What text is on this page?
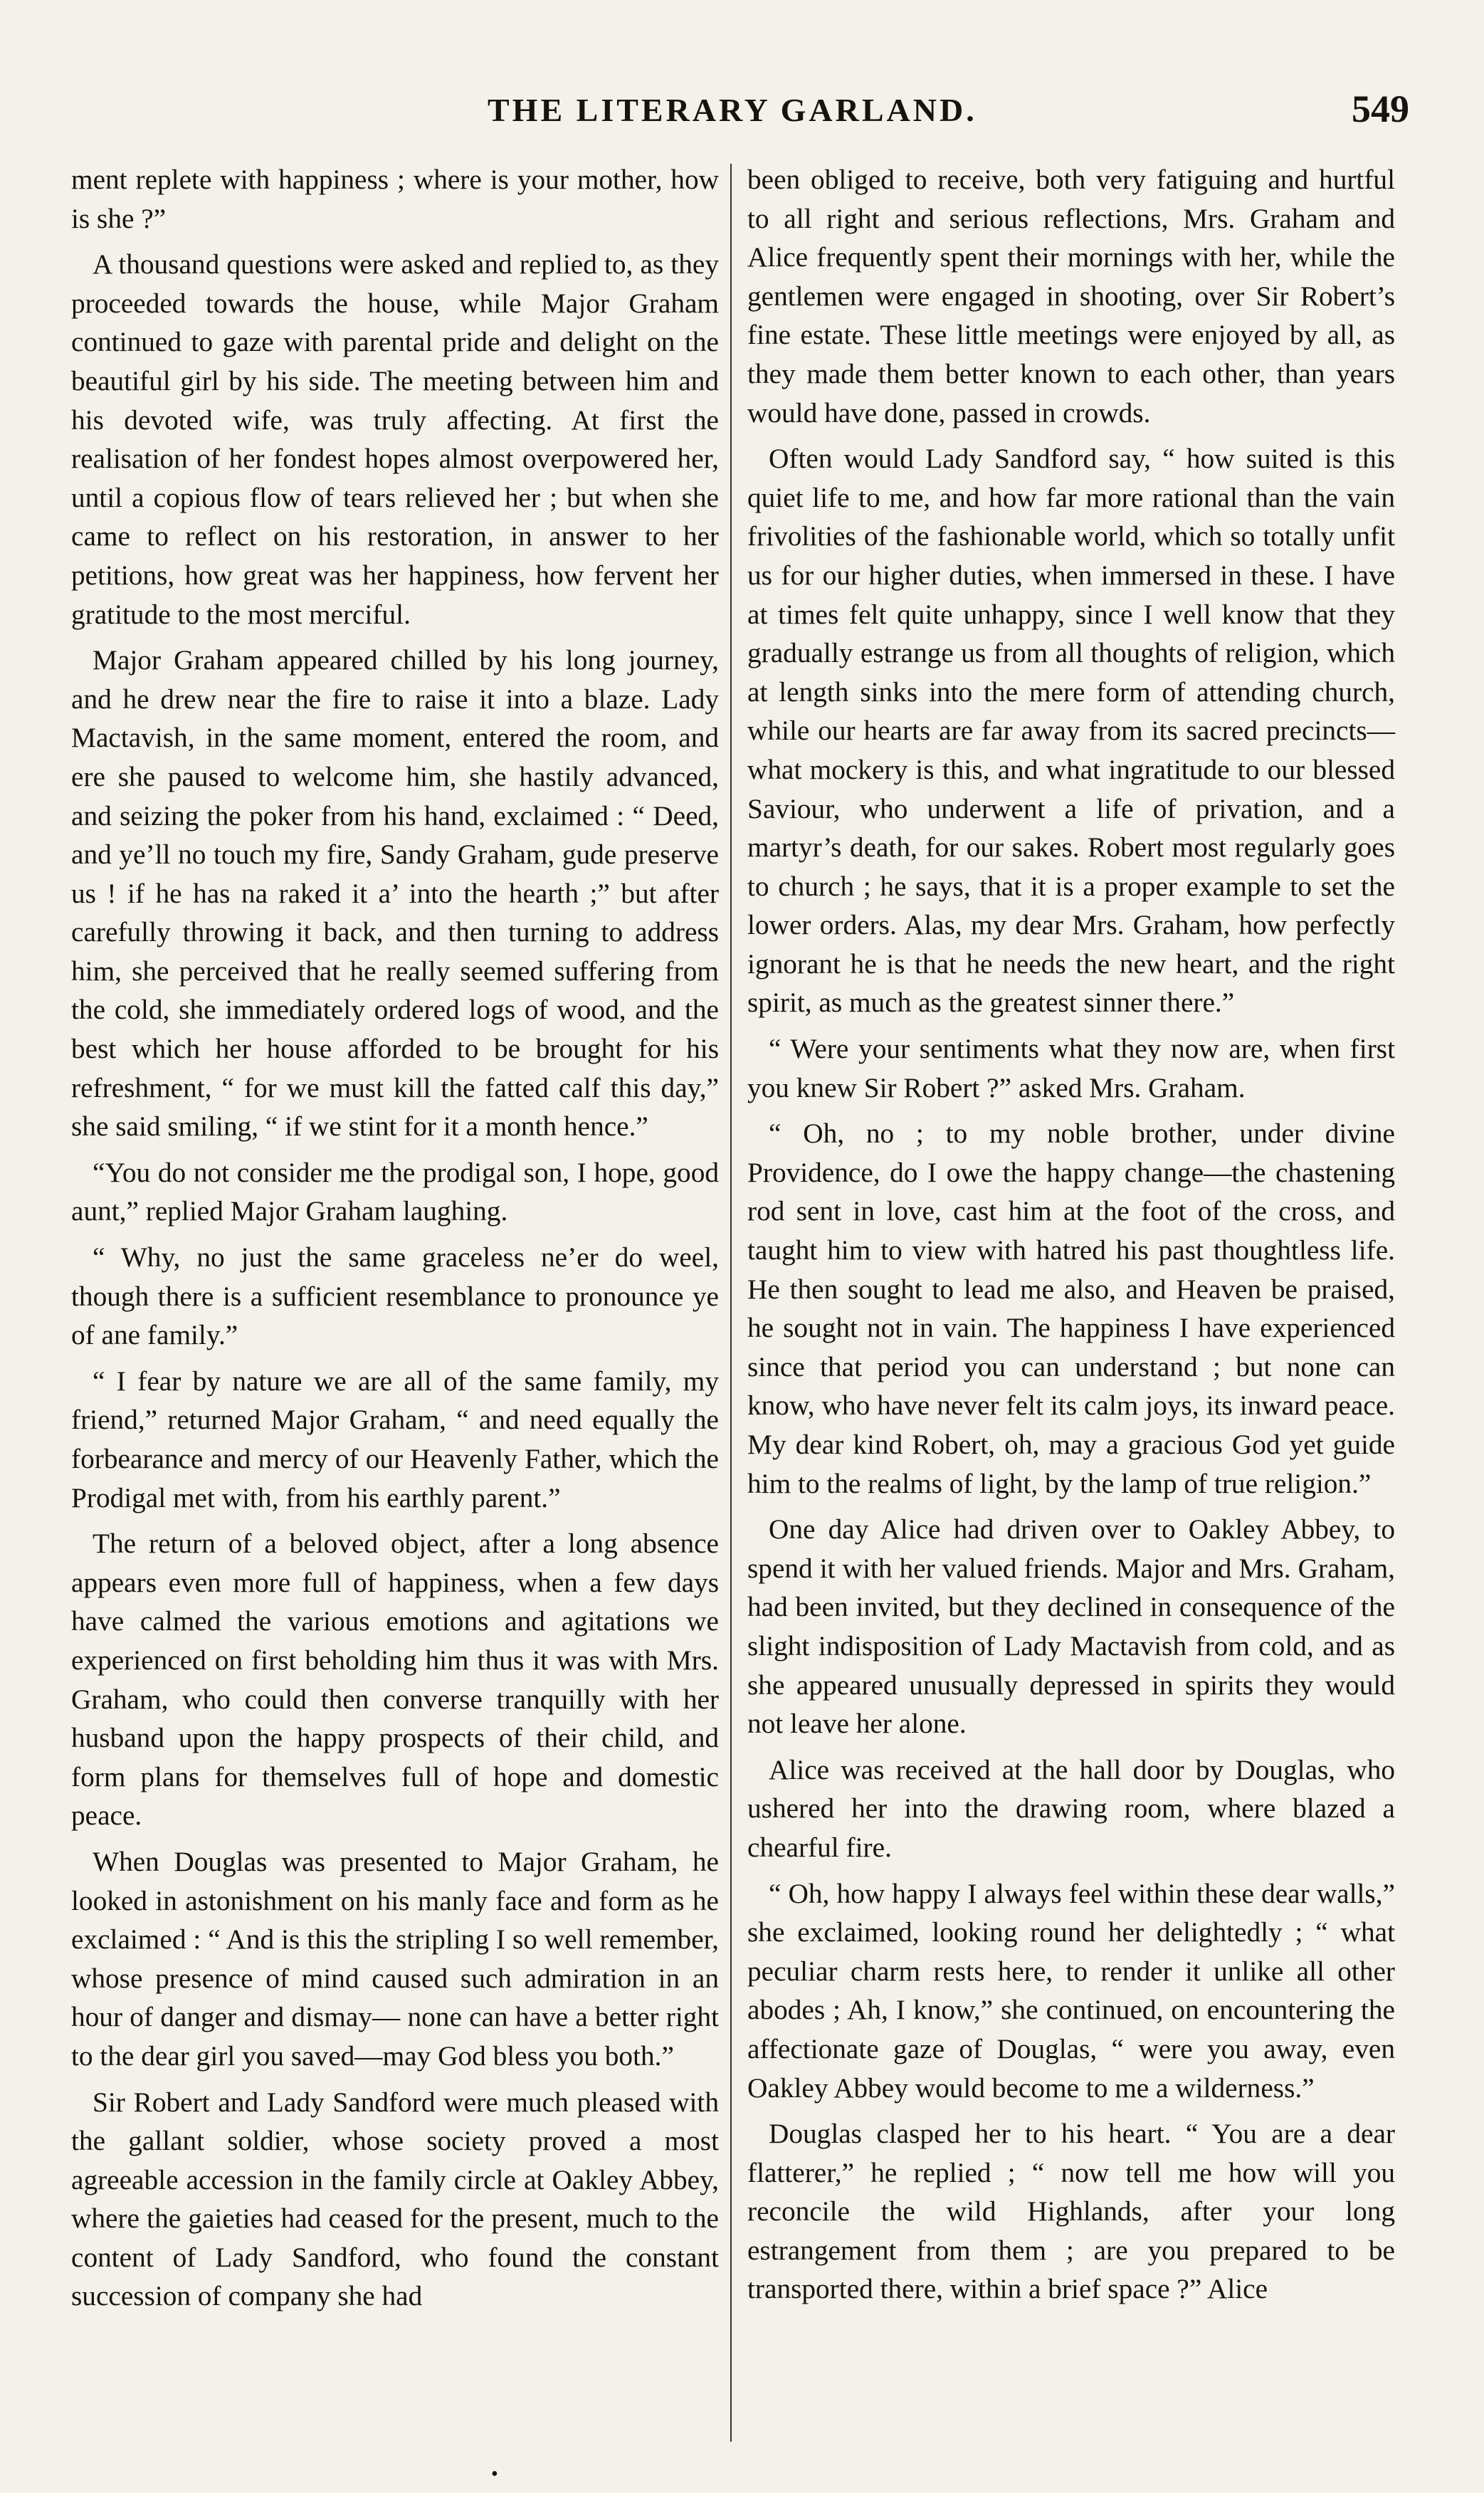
THE LITERARY GARLAND.	549

ment replete with happiness ; where is your mother, how is she ?”

A thousand questions were asked and replied to, as they proceeded towards the house, while Major Graham continued to gaze with parental pride and delight on the beautiful girl by his side. The meeting between him and his devoted wife, was truly affecting. At first the realisation of her fondest hopes almost overpowered her, until a copious flow of tears relieved her ; but when she came to reflect on his restoration, in answer to her petitions, how great was her happiness, how fervent her gratitude to the most merciful.

Major Graham appeared chilled by his long journey, and he drew near the fire to raise it into a blaze. Lady Mactavish, in the same moment, entered the room, and ere she paused to welcome him, she hastily advanced, and seizing the poker from his hand, exclaimed : “ Deed, and ye’ll no touch my fire, Sandy Graham, gude preserve us ! if he has na raked it a’ into the hearth ;” but after carefully throwing it back, and then turning to address him, she perceived that he really seemed suffering from the cold, she immediately ordered logs of wood, and the best which her house afforded to be brought for his refreshment, “ for we must kill the fatted calf this day,” she said smiling, “ if we stint for it a month hence.”

“You do not consider me the prodigal son, I hope, good aunt,” replied Major Graham laughing.

“ Why, no just the same graceless ne’er do weel, though there is a sufficient resemblance to pronounce ye of ane family.”

“ I fear by nature we are all of the same family, my friend,” returned Major Graham, “ and need equally the forbearance and mercy of our Heavenly Father, which the Prodigal met with, from his earthly parent.”

The return of a beloved object, after a long absence appears even more full of happiness, when a few days have calmed the various emotions and agitations we experienced on first beholding him thus it was with Mrs. Graham, who could then converse tranquilly with her husband upon the happy prospects of their child, and form plans for themselves full of hope and domestic peace.

When Douglas was presented to Major Graham, he looked in astonishment on his manly face and form as he exclaimed : “ And is this the stripling I so well remember, whose presence of mind caused such admiration in an hour of danger and dismay— none can have a better right to the dear girl you saved—may God bless you both.”

Sir Robert and Lady Sandford were much pleased with the gallant soldier, whose society proved a most agreeable accession in the family circle at Oakley Abbey, where the gaieties had ceased for the present, much to the content of Lady Sandford, who found the constant succession of company she had

been obliged to receive, both very fatiguing and hurtful to all right and serious reflections, Mrs. Graham and Alice frequently spent their mornings with her, while the gentlemen were engaged in shooting, over Sir Robert’s fine estate. These little meetings were enjoyed by all, as they made them better known to each other, than years would have done, passed in crowds.

Often would Lady Sandford say, “ how suited is this quiet life to me, and how far more rational than the vain frivolities of the fashionable world, which so totally unfit us for our higher duties, when immersed in these. I have at times felt quite unhappy, since I well know that they gradually estrange us from all thoughts of religion, which at length sinks into the mere form of attending church, while our hearts are far away from its sacred precincts—what mockery is this, and what ingratitude to our blessed Saviour, who underwent a life of privation, and a martyr’s death, for our sakes. Robert most regularly goes to church ; he says, that it is a proper example to set the lower orders. Alas, my dear Mrs. Graham, how perfectly ignorant he is that he needs the new heart, and the right spirit, as much as the greatest sinner there.”

“ Were your sentiments what they now are, when first you knew Sir Robert ?” asked Mrs. Graham.

“ Oh, no ; to my noble brother, under divine Providence, do I owe the happy change—the chastening rod sent in love, cast him at the foot of the cross, and taught him to view with hatred his past thoughtless life. He then sought to lead me also, and Heaven be praised, he sought not in vain. The happiness I have experienced since that period you can understand ; but none can know, who have never felt its calm joys, its inward peace. My dear kind Robert, oh, may a gracious God yet guide him to the realms of light, by the lamp of true religion.”

One day Alice had driven over to Oakley Abbey, to spend it with her valued friends. Major and Mrs. Graham, had been invited, but they declined in consequence of the slight indisposition of Lady Mactavish from cold, and as she appeared unusually depressed in spirits they would not leave her alone.

Alice was received at the hall door by Douglas, who ushered her into the drawing room, where blazed a chearful fire.

“ Oh, how happy I always feel within these dear walls,” she exclaimed, looking round her delightedly ; “ what peculiar charm rests here, to render it unlike all other abodes ; Ah, I know,” she continued, on encountering the affectionate gaze of Douglas, “ were you away, even Oakley Abbey would become to me a wilderness.”

Douglas clasped her to his heart. “ You are a dear flatterer,” he replied ; “ now tell me how will you reconcile the wild Highlands, after your long estrangement from them ; are you prepared to be transported there, within a brief space ?” Alice

•
